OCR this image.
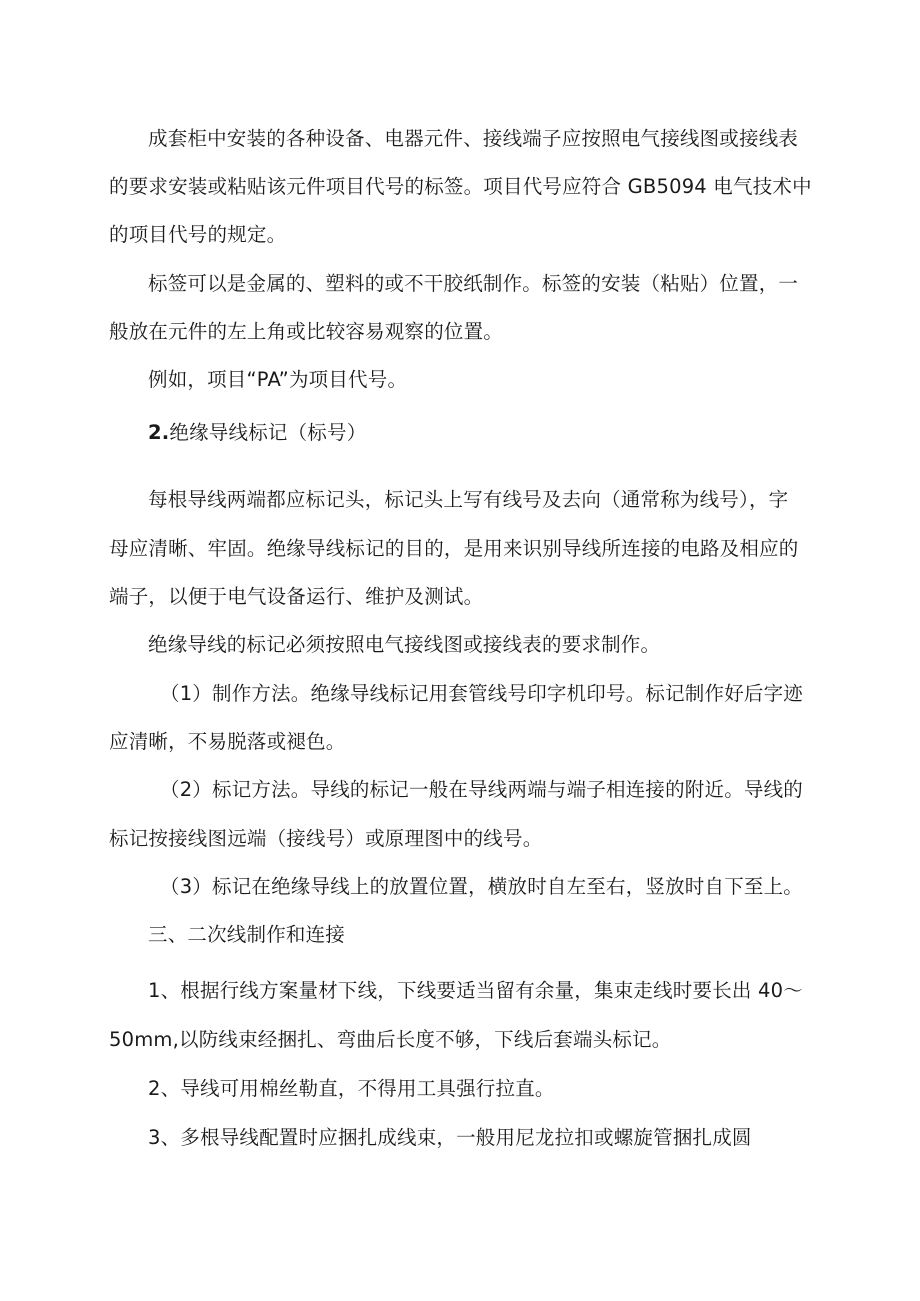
成套柜中安装的各种设备、电器元件、接线端子应按照电气接线图或接线表
的要求安装或粘贴该元件项目代号的标签。项目代号应符合 GB5094 电气技术中
的项目代号的规定。
标签可以是金属的、塑料的或不干胶纸制作。标签的安装（粘贴）位置，一
般放在元件的左上角或比较容易观察的位置。
例如，项目“PA”为项目代号。
2.绝缘导线标记（标号）
每根导线两端都应标记头，标记头上写有线号及去向（通常称为线号），字
母应清晰、牢固。绝缘导线标记的目的，是用来识别导线所连接的电路及相应的
端子，以便于电气设备运行、维护及测试。
绝缘导线的标记必须按照电气接线图或接线表的要求制作。
（1）制作方法。绝缘导线标记用套管线号印字机印号。标记制作好后字迹
应清晰，不易脱落或褪色。
（2）标记方法。导线的标记一般在导线两端与端子相连接的附近。导线的
标记按接线图远端（接线号）或原理图中的线号。
（3）标记在绝缘导线上的放置位置，横放时自左至右，竖放时自下至上。
三、二次线制作和连接
1、根据行线方案量材下线，下线要适当留有余量，集束走线时要长出 40～
50mm,以防线束经捆扎、弯曲后长度不够，下线后套端头标记。
2、导线可用棉丝勒直，不得用工具强行拉直。
3、多根导线配置时应捆扎成线束，一般用尼龙拉扣或螺旋管捆扎成圆
